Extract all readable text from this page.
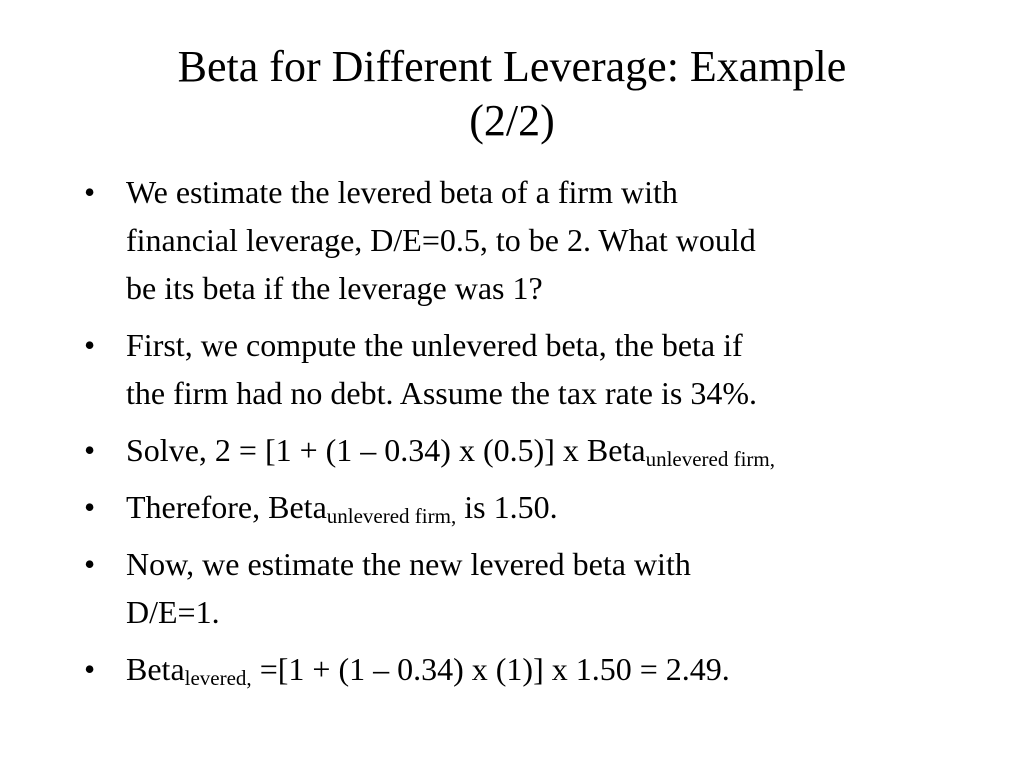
Beta for Different Leverage: Example
(2/2)
• We estimate the levered beta of a firm with
financial leverage, D/E=0.5, to be 2. What would
be its beta if the leverage was 1?
• First, we compute the unlevered beta, the beta if
the firm had no debt. Assume the tax rate is 34%.
• Solve, 2 = [1 + (1 – 0.34) x (0.5)] x Beta$_{unlevered firm,}$
• Therefore, Beta$_{unlevered firm,}$ is 1.50.
• Now, we estimate the new levered beta with
D/E=1.
• Beta$_{levered,}$ =[1 + (1 – 0.34) x (1)] x 1.50 = 2.49.
